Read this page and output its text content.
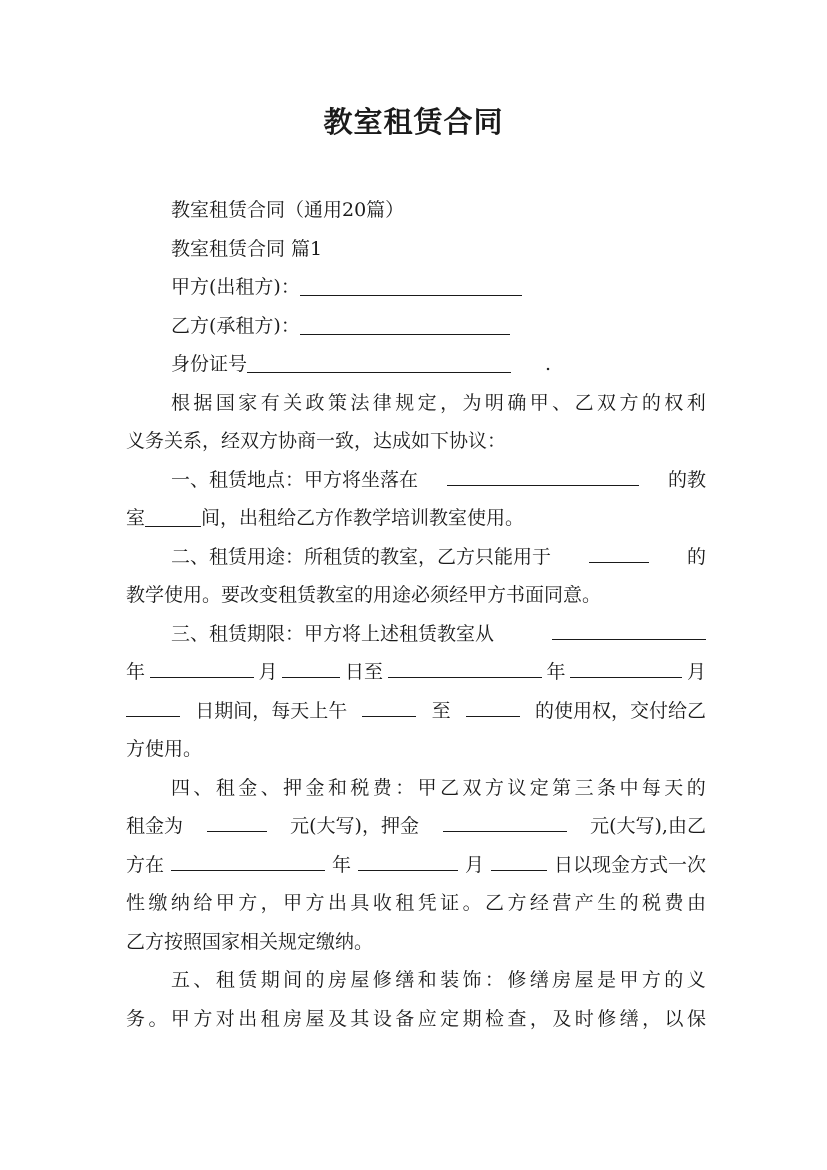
教室租赁合同
教室租赁合同（通用20篇）
教室租赁合同 篇1
甲方(出租方)：
乙方(承租方)：
身份证号	.
根 据 国 家 有 关 政 策 法 律 规 定 ， 为 明 确 甲 、 乙 双 方 的 权 利
义务关系，经双方协商一致，达成如下协议：
一、租赁地点：甲方将坐落在	的教
室	间，出租给乙方作教学培训教室使用。
二、租赁用途：所租赁的教室，乙方只能用于	的
教学使用。要改变租赁教室的用途必须经甲方书面同意。
三、租赁期限：甲方将上述租赁教室从
年	月	日至	年	月
日期间，每天上午	至	的使用权，交付给乙
方使用。
四 、 租 金 、 押 金 和 税 费 ： 甲 乙 双 方 议 定 第 三 条 中 每 天 的
租金为	元(大写)，押金	元(大写),由乙
方在	年	月	日以现金方式一次
性 缴 纳 给 甲 方 ， 甲 方 出 具 收 租 凭 证 。 乙 方 经 营 产 生 的 税 费 由
乙方按照国家相关规定缴纳。
五 、 租 赁 期 间 的 房 屋 修 缮 和 装 饰 ： 修 缮 房 屋 是 甲 方 的 义
务 。 甲 方 对 出 租 房 屋 及 其 设 备 应 定 期 检 查 ， 及 时 修 缮 ， 以 保
